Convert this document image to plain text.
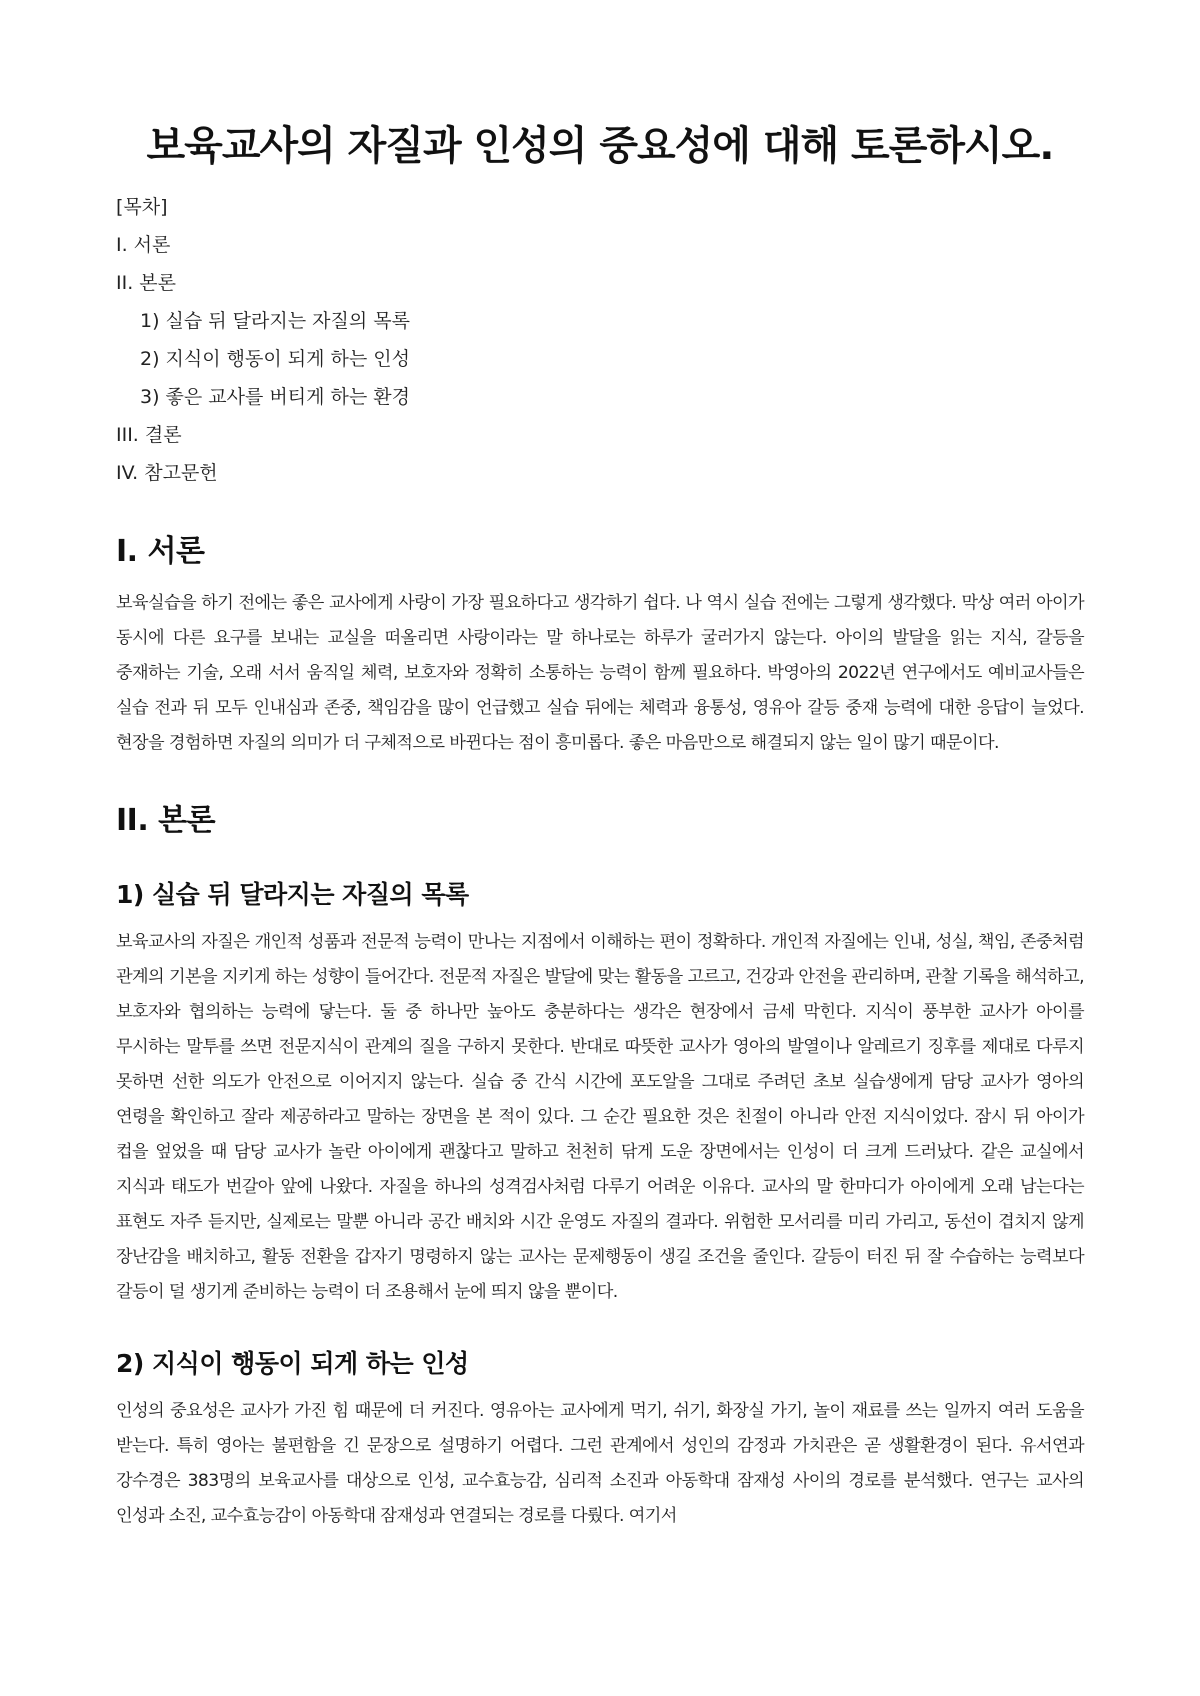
보육교사의 자질과 인성의 중요성에 대해 토론하시오.
[목차]
I. 서론
II. 본론
1) 실습 뒤 달라지는 자질의 목록
2) 지식이 행동이 되게 하는 인성
3) 좋은 교사를 버티게 하는 환경
III. 결론
IV. 참고문헌
I. 서론

보육실습을 하기 전에는 좋은 교사에게 사랑이 가장 필요하다고 생각하기 쉽다. 나 역시 실습 전에는 그렇게 생각했다. 막상 여러 아이가 동시에 다른 요구를 보내는 교실을 떠올리면 사랑이라는 말 하나로는 하루가 굴러가지 않는다. 아이의 발달을 읽는 지식, 갈등을 중재하는 기술, 오래 서서 움직일 체력, 보호자와 정확히 소통하는 능력이 함께 필요하다. 박영아의 2022년 연구에서도 예비교사들은 실습 전과 뒤 모두 인내심과 존중, 책임감을 많이 언급했고 실습 뒤에는 체력과 융통성, 영유아 갈등 중재 능력에 대한 응답이 늘었다. 현장을 경험하면 자질의 의미가 더 구체적으로 바뀐다는 점이 흥미롭다. 좋은 마음만으로 해결되지 않는 일이 많기 때문이다.

II. 본론
1) 실습 뒤 달라지는 자질의 목록

보육교사의 자질은 개인적 성품과 전문적 능력이 만나는 지점에서 이해하는 편이 정확하다. 개인적 자질에는 인내, 성실, 책임, 존중처럼 관계의 기본을 지키게 하는 성향이 들어간다. 전문적 자질은 발달에 맞는 활동을 고르고, 건강과 안전을 관리하며, 관찰 기록을 해석하고, 보호자와 협의하는 능력에 닿는다. 둘 중 하나만 높아도 충분하다는 생각은 현장에서 금세 막힌다. 지식이 풍부한 교사가 아이를 무시하는 말투를 쓰면 전문지식이 관계의 질을 구하지 못한다. 반대로 따뜻한 교사가 영아의 발열이나 알레르기 징후를 제대로 다루지 못하면 선한 의도가 안전으로 이어지지 않는다. 실습 중 간식 시간에 포도알을 그대로 주려던 초보 실습생에게 담당 교사가 영아의 연령을 확인하고 잘라 제공하라고 말하는 장면을 본 적이 있다. 그 순간 필요한 것은 친절이 아니라 안전 지식이었다. 잠시 뒤 아이가 컵을 엎었을 때 담당 교사가 놀란 아이에게 괜찮다고 말하고 천천히 닦게 도운 장면에서는 인성이 더 크게 드러났다. 같은 교실에서 지식과 태도가 번갈아 앞에 나왔다. 자질을 하나의 성격검사처럼 다루기 어려운 이유다. 교사의 말 한마디가 아이에게 오래 남는다는 표현도 자주 듣지만, 실제로는 말뿐 아니라 공간 배치와 시간 운영도 자질의 결과다. 위험한 모서리를 미리 가리고, 동선이 겹치지 않게 장난감을 배치하고, 활동 전환을 갑자기 명령하지 않는 교사는 문제행동이 생길 조건을 줄인다. 갈등이 터진 뒤 잘 수습하는 능력보다 갈등이 덜 생기게 준비하는 능력이 더 조용해서 눈에 띄지 않을 뿐이다.

2) 지식이 행동이 되게 하는 인성

인성의 중요성은 교사가 가진 힘 때문에 더 커진다. 영유아는 교사에게 먹기, 쉬기, 화장실 가기, 놀이 재료를 쓰는 일까지 여러 도움을 받는다. 특히 영아는 불편함을 긴 문장으로 설명하기 어렵다. 그런 관계에서 성인의 감정과 가치관은 곧 생활환경이 된다. 유서연과 강수경은 383명의 보육교사를 대상으로 인성, 교수효능감, 심리적 소진과 아동학대 잠재성 사이의 경로를 분석했다. 연구는 교사의 인성과 소진, 교수효능감이 아동학대 잠재성과 연결되는 경로를 다뤘다. 여기서
